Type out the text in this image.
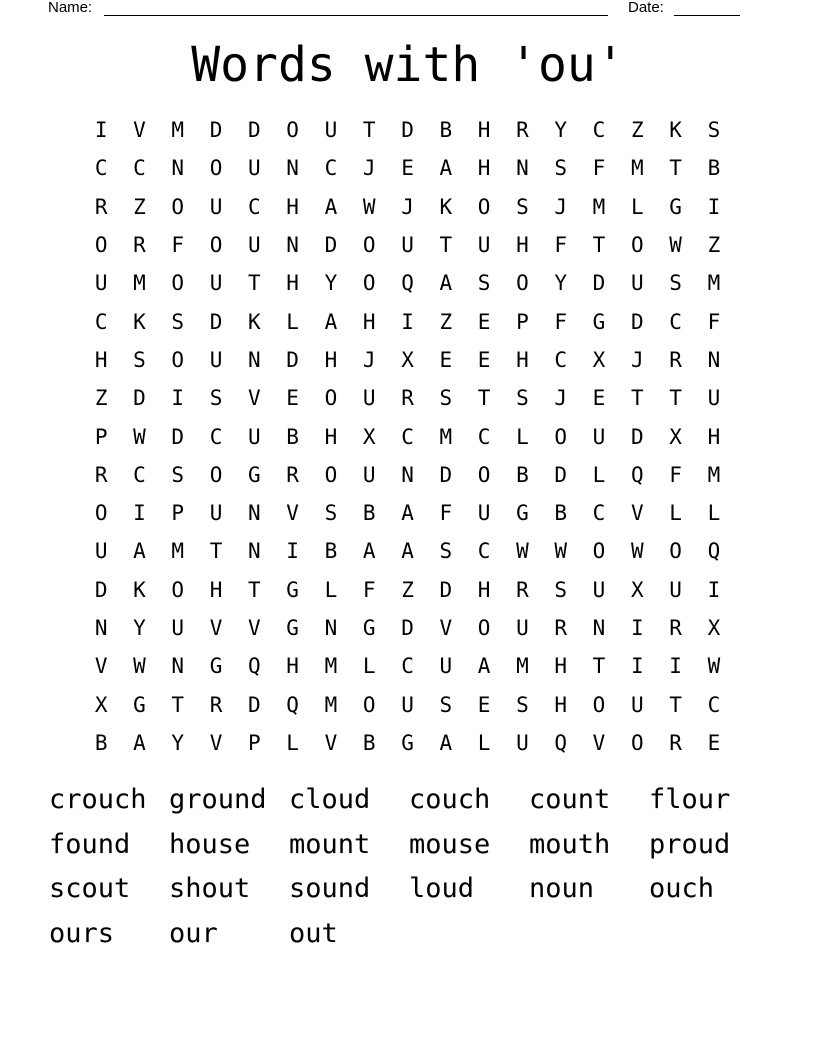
Name:	Date:
Words with 'ou'
I	V	M	D	D	O	U	T	D	B	H	R	Y	C	Z	K	S
C	C	N	O	U	N	C	J	E	A	H	N	S	F	M	T	B
R	Z	O	U	C	H	A	W	J	K	O	S	J	M	L	G	I
O	R	F	O	U	N	D	O	U	T	U	H	F	T	O	W	Z
U	M	O	U	T	H	Y	O	Q	A	S	O	Y	D	U	S	M
C	K	S	D	K	L	A	H	I	Z	E	P	F	G	D	C	F
H	S	O	U	N	D	H	J	X	E	E	H	C	X	J	R	N
Z	D	I	S	V	E	O	U	R	S	T	S	J	E	T	T	U
P	W	D	C	U	B	H	X	C	M	C	L	O	U	D	X	H
R	C	S	O	G	R	O	U	N	D	O	B	D	L	Q	F	M
O	I	P	U	N	V	S	B	A	F	U	G	B	C	V	L	L
U	A	M	T	N	I	B	A	A	S	C	W	W	O	W	O	Q
D	K	O	H	T	G	L	F	Z	D	H	R	S	U	X	U	I
N	Y	U	V	V	G	N	G	D	V	O	U	R	N	I	R	X
V	W	N	G	Q	H	M	L	C	U	A	M	H	T	I	I	W
X	G	T	R	D	Q	M	O	U	S	E	S	H	O	U	T	C
B	A	Y	V	P	L	V	B	G	A	L	U	Q	V	O	R	E
crouch ground cloud	couch	count	flour
found	house	mount	mouse	mouth	proud
scout	shout	sound	loud	noun	ouch
ours	our	out
